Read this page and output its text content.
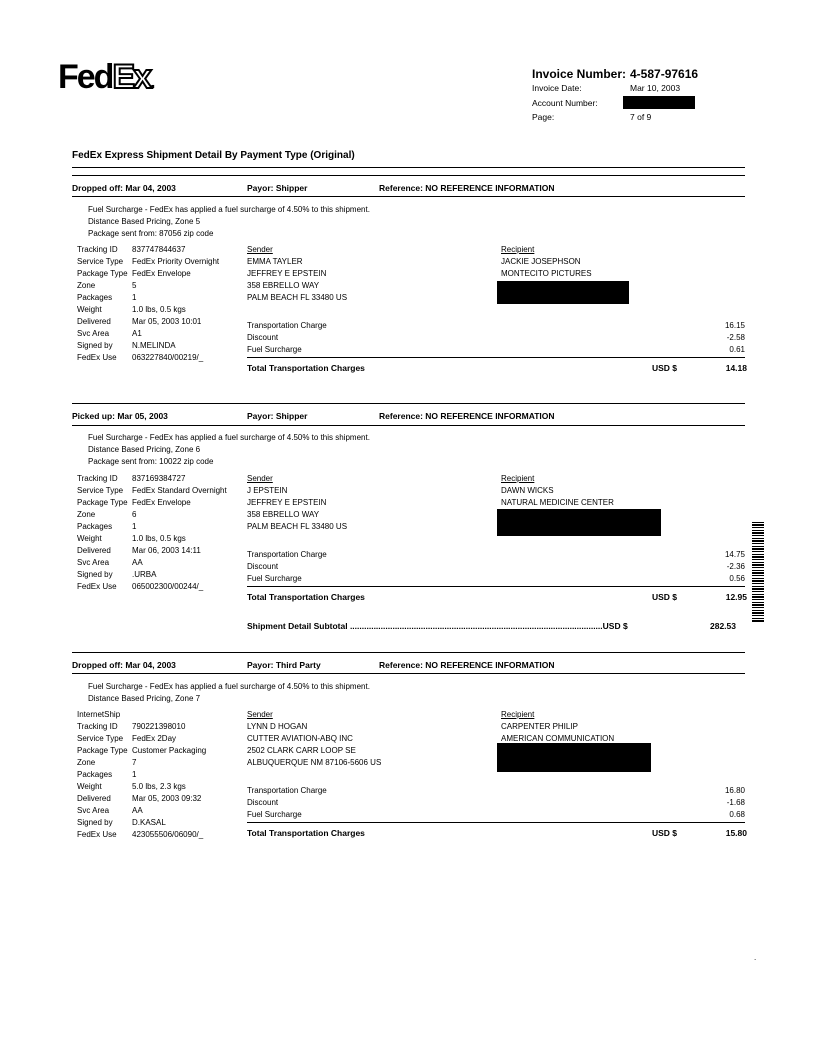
FedEx.	Invoice Number: 4-587-97616
Invoice Date:	Mar 10, 2003
Account Number:
Page:	7 of 9
FedEx Express Shipment Detail By Payment Type (Original)
Dropped off: Mar 04, 2003	Payor: Shipper	Reference: NO REFERENCE INFORMATION
Fuel Surcharge - FedEx has applied a fuel surcharge of 4.50% to this shipment.
Distance Based Pricing, Zone 5
Package sent from: 87056 zip code
Tracking ID	837747844637
Service Type	FedEx Priority Overnight
Package Type FedEx Envelope
Zone	5
Packages	1
Weight	1.0 lbs, 0.5 kgs
Delivered	Mar 05, 2003 10:01
Svc Area	A1
Signed by	N.MELINDA
FedEx Use	063227840/00219/_
Sender
EMMA TAYLER
JEFFREY E EPSTEIN
358 EBRELLO WAY
PALM BEACH FL 33480 US
Recipient
JACKIE JOSEPHSON
MONTECITO PICTURES
Transportation Charge	16.15
Discount	-2.58
Fuel Surcharge	0.61
Total Transportation Charges	USD $	14.18
Picked up: Mar 05, 2003	Payor: Shipper	Reference: NO REFERENCE INFORMATION
Fuel Surcharge - FedEx has applied a fuel surcharge of 4.50% to this shipment.
Distance Based Pricing, Zone 6
Package sent from: 10022 zip code
Tracking ID	837169384727
Service Type	FedEx Standard Overnight
Package Type FedEx Envelope
Zone	6
Packages	1
Weight	1.0 lbs, 0.5 kgs
Delivered	Mar 06, 2003 14:11
Svc Area	AA
Signed by	.URBA
FedEx Use	065002300/00244/_
Sender
J EPSTEIN
JEFFREY E EPSTEIN
358 EBRELLO WAY
PALM BEACH FL 33480 US
Recipient
DAWN WICKS
NATURAL MEDICINE CENTER
Transportation Charge	14.75
Discount	-2.36
Fuel Surcharge	0.56
Total Transportation Charges	USD $	12.95
Shipment Detail Subtotal ...........................................................................................................USD $	282.53
Dropped off: Mar 04, 2003	Payor: Third Party	Reference: NO REFERENCE INFORMATION
Fuel Surcharge - FedEx has applied a fuel surcharge of 4.50% to this shipment.
Distance Based Pricing, Zone 7
InternetShip
Tracking ID	790221398010
Service Type	FedEx 2Day
Package Type Customer Packaging
Zone	7
Packages	1
Weight	5.0 lbs, 2.3 kgs
Delivered	Mar 05, 2003 09:32
Svc Area	AA
Signed by	D.KASAL
FedEx Use	423055506/06090/_
Sender
LYNN D HOGAN
CUTTER AVIATION-ABQ INC
2502 CLARK CARR LOOP SE
ALBUQUERQUE NM 87106-5606 US
Recipient
CARPENTER PHILIP
AMERICAN COMMUNICATION
Transportation Charge	16.80
Discount	-1.68
Fuel Surcharge	0.68
Total Transportation Charges	USD $	15.80
.
